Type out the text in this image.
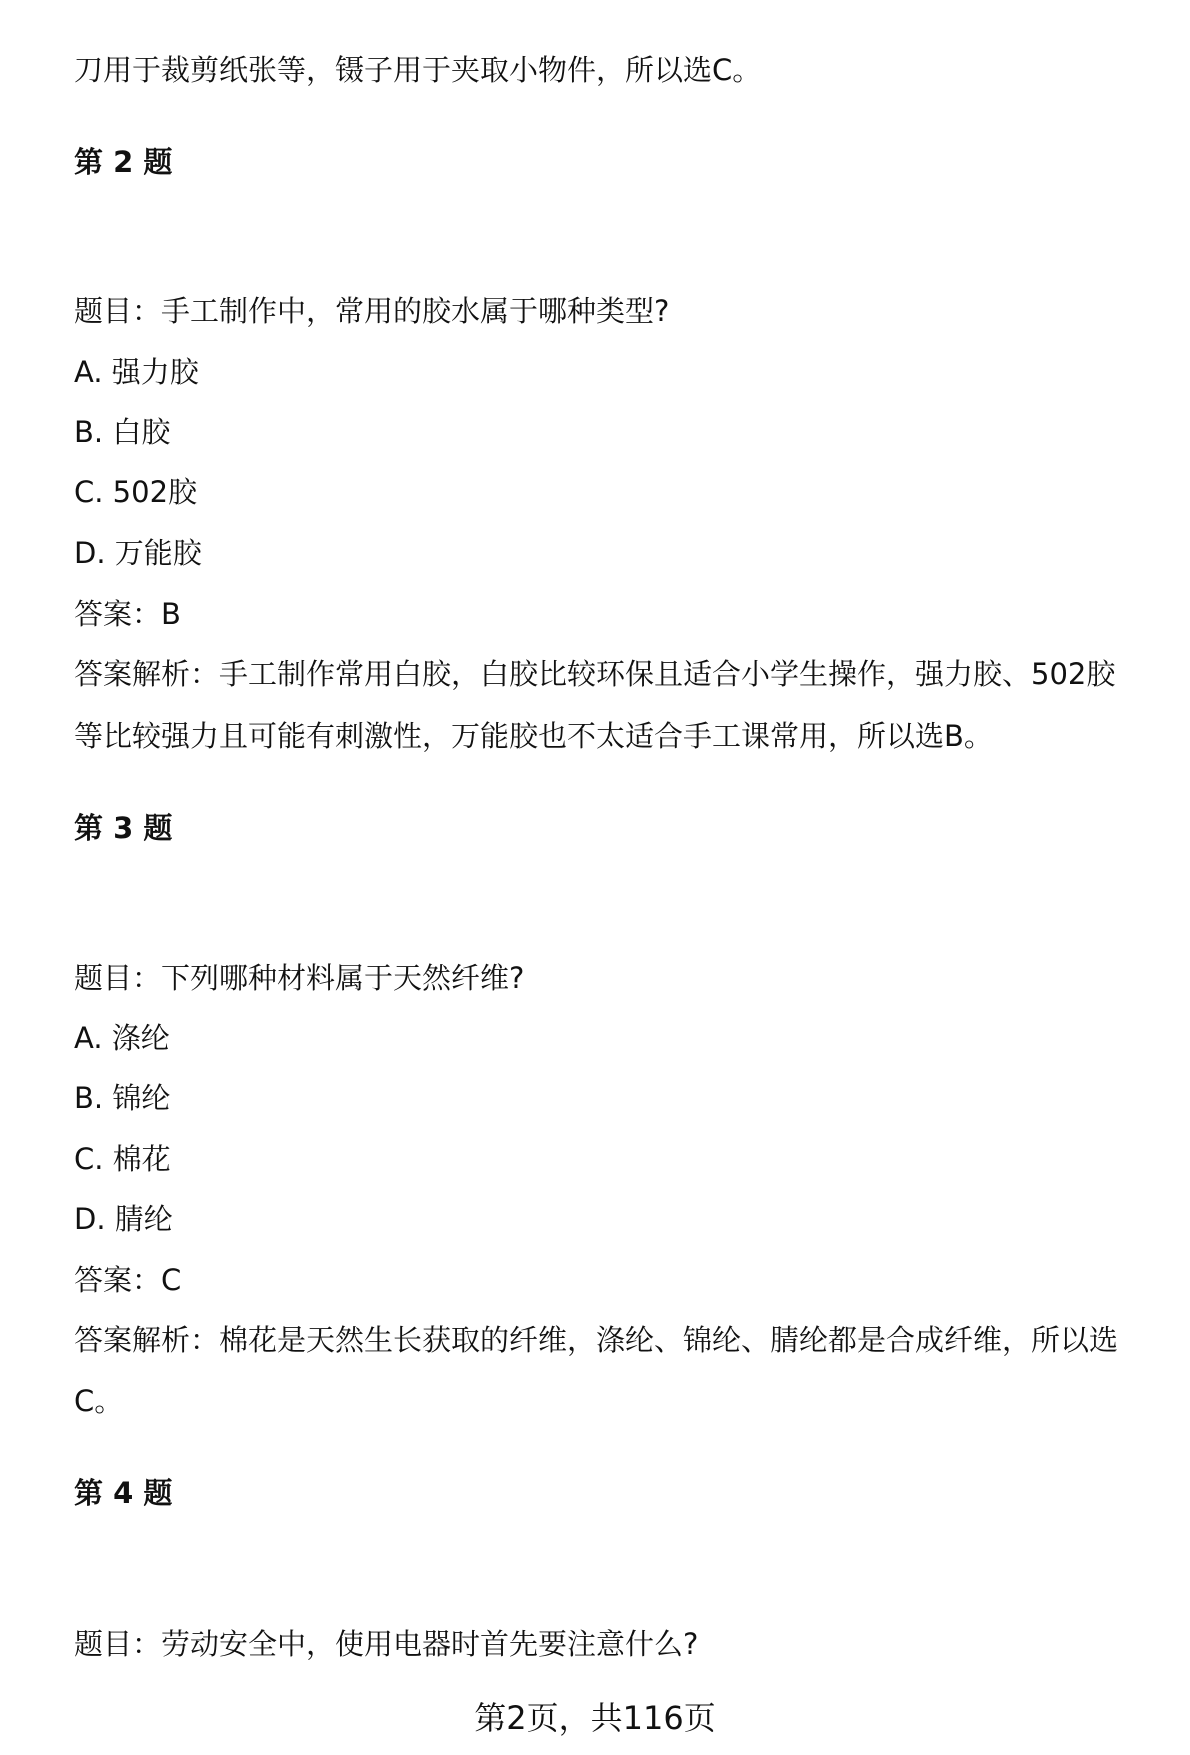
刀用于裁剪纸张等，镊子用于夹取小物件，所以选C。
第 2 题
题目：手工制作中，常用的胶水属于哪种类型?
A. 强力胶
B. 白胶
C. 502胶
D. 万能胶
答案：B
答案解析：手工制作常用白胶，白胶比较环保且适合小学生操作，强力胶、502胶
等比较强力且可能有刺激性，万能胶也不太适合手工课常用，所以选B。
第 3 题
题目：下列哪种材料属于天然纤维?
A. 涤纶
B. 锦纶
C. 棉花
D. 腈纶
答案：C
答案解析：棉花是天然生长获取的纤维，涤纶、锦纶、腈纶都是合成纤维，所以选
C。
第 4 题
题目：劳动安全中，使用电器时首先要注意什么?
第2页，共116页
